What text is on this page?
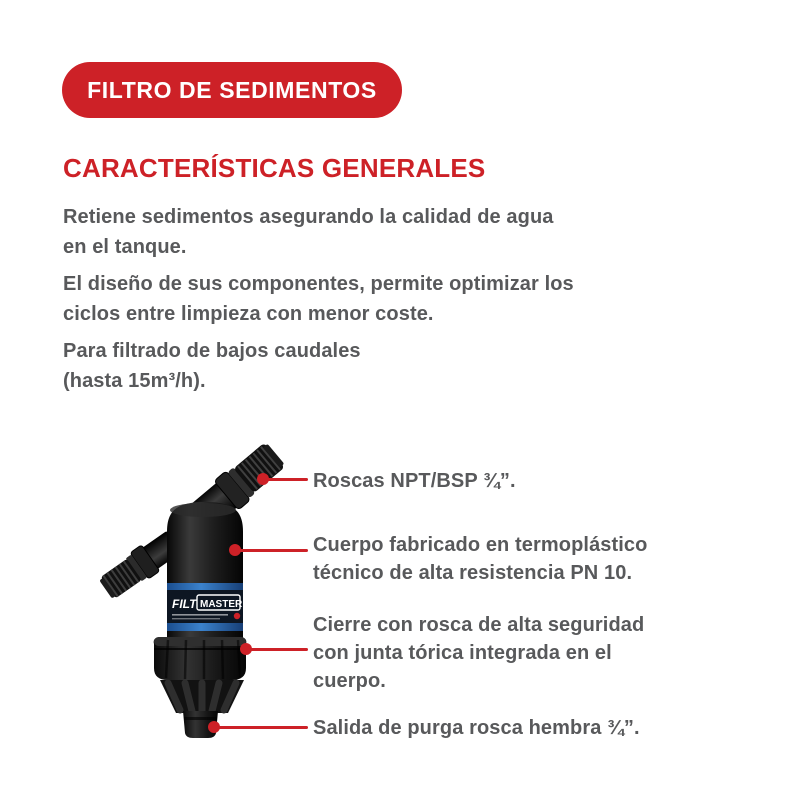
FILTRO DE SEDIMENTOS
CARACTERÍSTICAS GENERALES

Retiene sedimentos asegurando la calidad de agua
en el tanque.

El diseño de sus componentes, permite optimizar los
ciclos entre limpieza con menor coste.

Para filtrado de bajos caudales
(hasta 15m³/h).

FILT MASTER
Roscas NPT/BSP ¾”.
Cuerpo fabricado en termoplástico
técnico de alta resistencia PN 10.
Cierre con rosca de alta seguridad
con junta tórica integrada en el
cuerpo.
Salida de purga rosca hembra ¾”.
